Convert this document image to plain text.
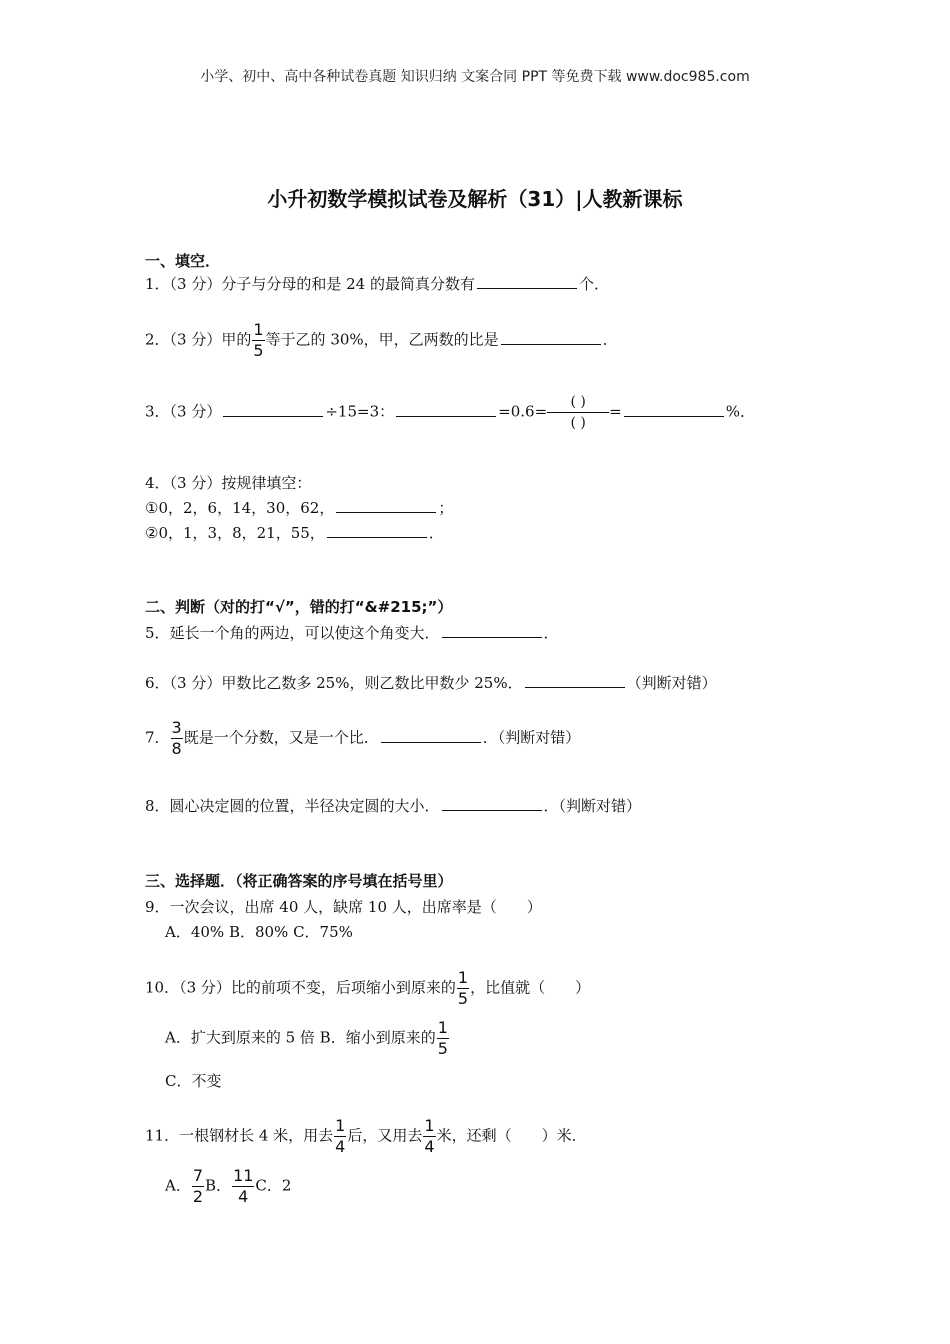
小学、初中、高中各种试卷真题 知识归纳 文案合同 PPT 等免费下载 www.doc985.com
小升初数学模拟试卷及解析（31）|人教新课标
一、填空．
1．（3 分）分子与分母的和是 24 的最简真分数有	个．
2．（3 分）甲的 $\frac{1}{5}$ 等于乙的 30%，甲，乙两数的比是	．
3．（3 分）	÷15=3：	$=0.6= \frac{( )}{( )}$ =	%．
4．（3 分）按规律填空：
①0，2，6，14，30，62，	；
②0，1，3，8，21，55，	．
二、判断（对的打“√”，错的打“&#215;”）
5．延长一个角的两边，可以使这个角变大．	．
6．（3 分）甲数比乙数多 25%，则乙数比甲数少 25%．	（判断对错）
7． $\frac{3}{8}$ 既是一个分数，又是一个比．	．（判断对错）
8．圆心决定圆的位置，半径决定圆的大小．	．（判断对错）
三、选择题．（将正确答案的序号填在括号里）
9．一次会议，出席 40 人，缺席 10 人，出席率是（　　）
A．40% B．80% C．75%
10．（3 分）比的前项不变，后项缩小到原来的 $\frac{1}{5}$ ，比值就（　　）
A．扩大到原来的 5 倍 B．缩小到原来的 $\frac{1}{5}$
C．不变
11．一根钢材长 4 米，用去 $\frac{1}{4}$ 后，又用去 $\frac{1}{4}$ 米，还剩（　　）米．
A． $\frac{7}{2}$ B． $\frac{11}{4}$ C．2
